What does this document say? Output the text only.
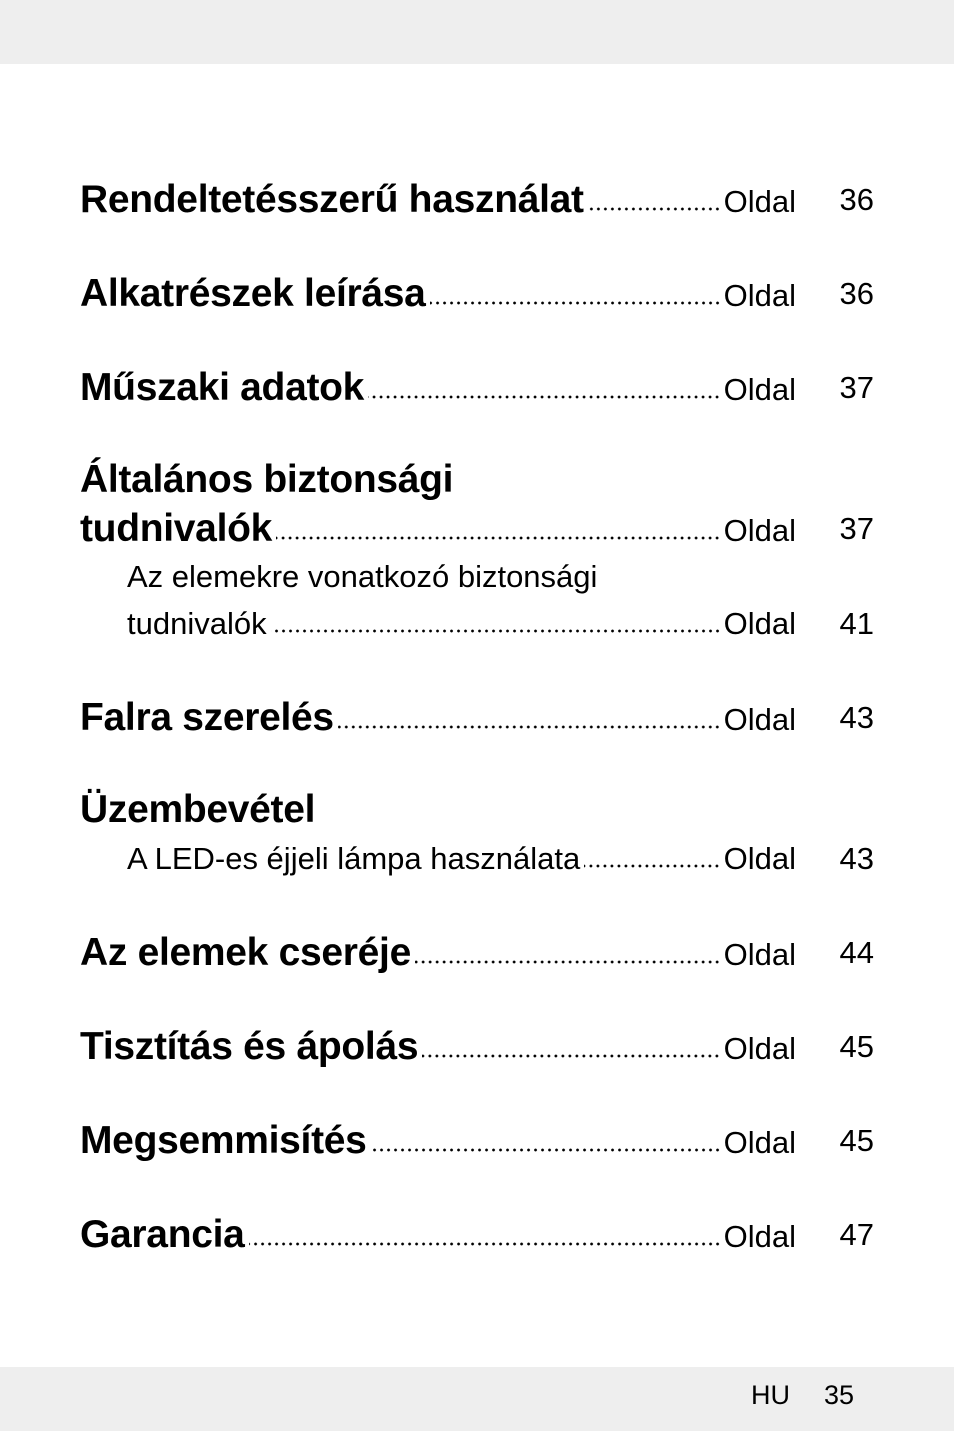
Rendeltetésszerű használat	Oldal	36
Alkatrészek leírása	Oldal	36
Műszaki adatok	Oldal	37
Általános biztonsági
tudnivalók	Oldal	37
Az elemekre vonatkozó biztonsági
tudnivalók	Oldal	41
Falra szerelés	Oldal	43
Üzembevétel
A LED-es éjjeli lámpa használata	Oldal	43
Az elemek cseréje	Oldal	44
Tisztítás és ápolás	Oldal	45
Megsemmisítés	Oldal	45
Garancia	Oldal	47
HU 35
